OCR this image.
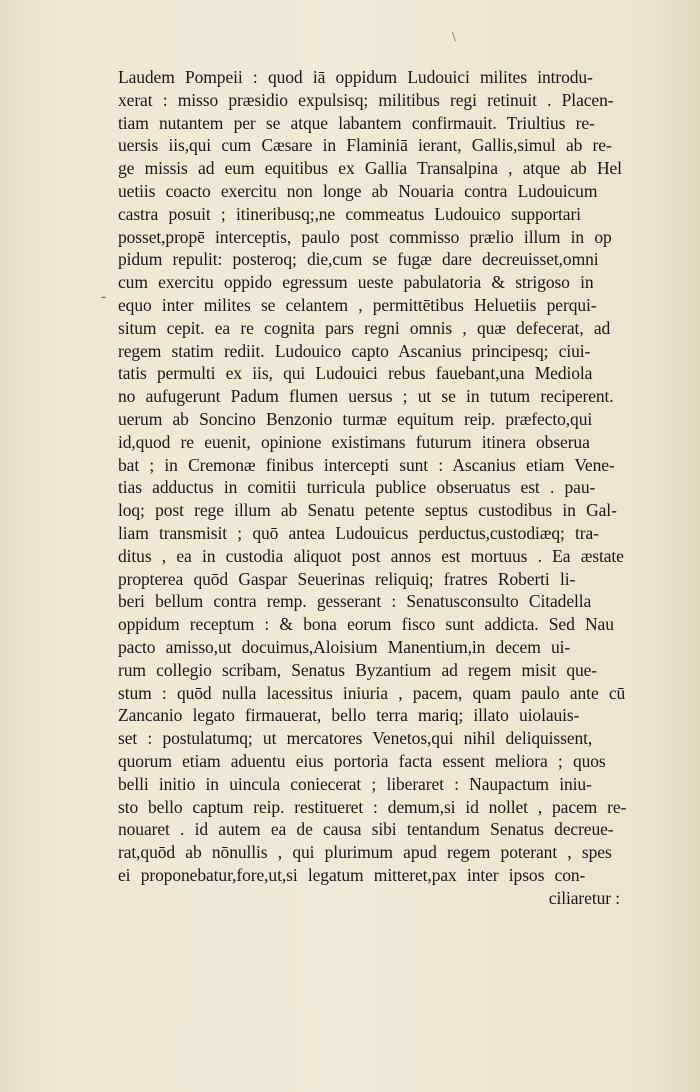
\
-
Laudem Pompeii : quod iā oppidum Ludouici milites introdu-
xerat : misso præsidio expulsisq; militibus regi retinuit . Placen-
tiam nutantem per se atque labantem confirmauit. Triultius re-
uersis iis,qui cum Cæsare in Flaminiā ierant, Gallis,simul ab re-
ge missis ad eum equitibus ex Gallia Transalpina , atque ab Hel
uetiis coacto exercitu non longe ab Nouaria contra Ludouicum
castra posuit ; itineribusq;,ne commeatus Ludouico supportari
posset,propē interceptis, paulo post commisso prælio illum in op
pidum repulit: posteroq; die,cum se fugæ dare decreuisset,omni
cum exercitu oppido egressum ueste pabulatoria & strigoso in
equo inter milites se celantem , permittētibus Heluetiis perqui-
situm cepit. ea re cognita pars regni omnis , quæ defecerat, ad
regem statim rediit. Ludouico capto Ascanius principesq; ciui-
tatis permulti ex iis, qui Ludouici rebus fauebant,una Mediola
no aufugerunt Padum flumen uersus ; ut se in tutum reciperent.
uerum ab Soncino Benzonio turmæ equitum reip. præfecto,qui
id,quod re euenit, opinione existimans futurum itinera obserua
bat ; in Cremonæ finibus intercepti sunt : Ascanius etiam Vene-
tias adductus in comitii turricula publice obseruatus est . pau-
loq; post rege illum ab Senatu petente septus custodibus in Gal-
liam transmisit ; quō antea Ludouicus perductus,custodiæq; tra-
ditus , ea in custodia aliquot post annos est mortuus . Ea æstate
propterea quōd Gaspar Seuerinas reliquiq; fratres Roberti li-
beri bellum contra remp. gesserant : Senatusconsulto Citadella
oppidum receptum : & bona eorum fisco sunt addicta. Sed Nau
pacto amisso,ut docuimus,Aloisium Manentium,in decem ui-
rum collegio scribam, Senatus Byzantium ad regem misit que-
stum : quōd nulla lacessitus iniuria , pacem, quam paulo ante cū
Zancanio legato firmauerat, bello terra mariq; illato uiolauis-
set : postulatumq; ut mercatores Venetos,qui nihil deliquissent,
quorum etiam aduentu eius portoria facta essent meliora ; quos
belli initio in uincula coniecerat ; liberaret : Naupactum iniu-
sto bello captum reip. restitueret : demum,si id nollet , pacem re-
nouaret . id autem ea de causa sibi tentandum Senatus decreue-
rat,quōd ab nōnullis , qui plurimum apud regem poterant , spes
ei proponebatur,fore,ut,si legatum mitteret,pax inter ipsos con-
ciliaretur :
